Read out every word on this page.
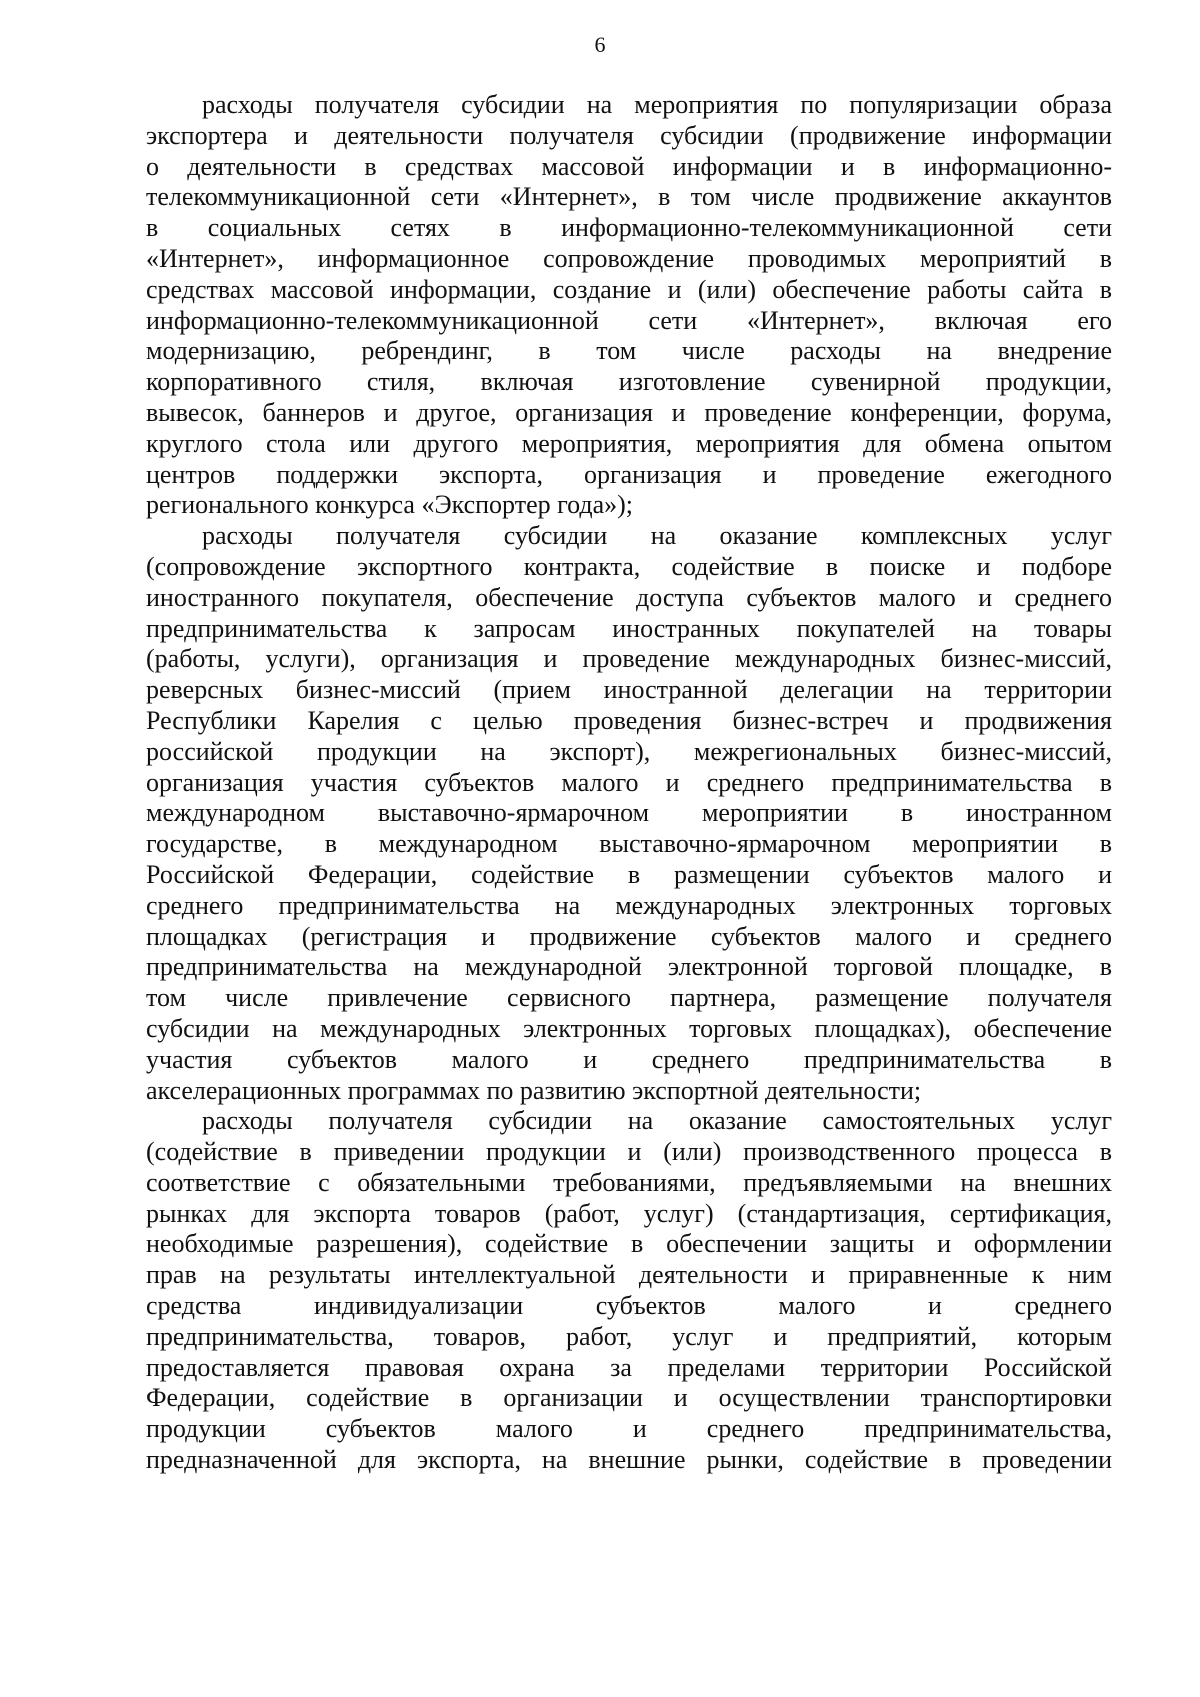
6
расходы получателя субсидии на мероприятия по популяризации образа
экспортера и деятельности получателя субсидии (продвижение информации
о деятельности в средствах массовой информации и в информационно-
телекоммуникационной сети «Интернет», в том числе продвижение аккаунтов
в социальных сетях в информационно-телекоммуникационной сети
«Интернет», информационное сопровождение проводимых мероприятий в
средствах массовой информации, создание и (или) обеспечение работы сайта в
информационно-телекоммуникационной сети «Интернет», включая его
модернизацию, ребрендинг, в том числе расходы на внедрение
корпоративного стиля, включая изготовление сувенирной продукции,
вывесок, баннеров и другое, организация и проведение конференции, форума,
круглого стола или другого мероприятия, мероприятия для обмена опытом
центров поддержки экспорта, организация и проведение ежегодного
регионального конкурса «Экспортер года»);
расходы получателя субсидии на оказание комплексных услуг
(сопровождение экспортного контракта, содействие в поиске и подборе
иностранного покупателя, обеспечение доступа субъектов малого и среднего
предпринимательства к запросам иностранных покупателей на товары
(работы, услуги), организация и проведение международных бизнес-миссий,
реверсных бизнес-миссий (прием иностранной делегации на территории
Республики Карелия с целью проведения бизнес-встреч и продвижения
российской продукции на экспорт), межрегиональных бизнес-миссий,
организация участия субъектов малого и среднего предпринимательства в
международном выставочно-ярмарочном мероприятии в иностранном
государстве, в международном выставочно-ярмарочном мероприятии в
Российской Федерации, содействие в размещении субъектов малого и
среднего предпринимательства на международных электронных торговых
площадках (регистрация и продвижение субъектов малого и среднего
предпринимательства на международной электронной торговой площадке, в
том числе привлечение сервисного партнера, размещение получателя
субсидии на международных электронных торговых площадках), обеспечение
участия субъектов малого и среднего предпринимательства в
акселерационных программах по развитию экспортной деятельности;
расходы получателя субсидии на оказание самостоятельных услуг
(содействие в приведении продукции и (или) производственного процесса в
соответствие с обязательными требованиями, предъявляемыми на внешних
рынках для экспорта товаров (работ, услуг) (стандартизация, сертификация,
необходимые разрешения), содействие в обеспечении защиты и оформлении
прав на результаты интеллектуальной деятельности и приравненные к ним
средства индивидуализации субъектов малого и среднего
предпринимательства, товаров, работ, услуг и предприятий, которым
предоставляется правовая охрана за пределами территории Российской
Федерации, содействие в организации и осуществлении транспортировки
продукции субъектов малого и среднего предпринимательства,
предназначенной для экспорта, на внешние рынки, содействие в проведении
